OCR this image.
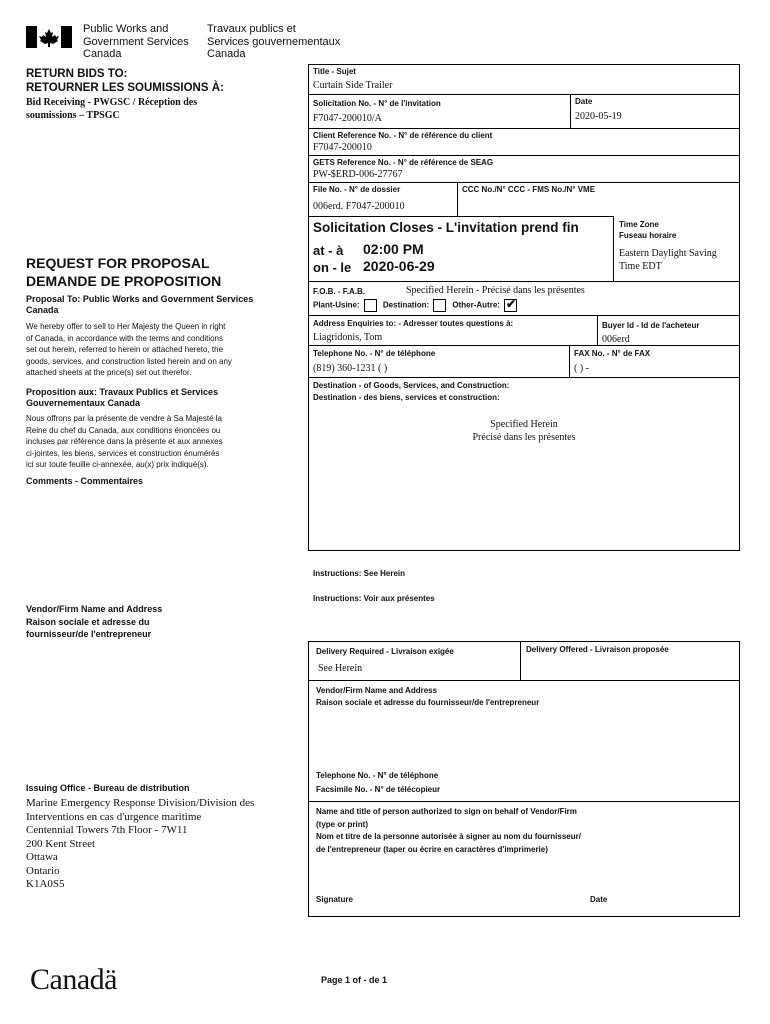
Public Works and
Government Services
Canada
Travaux publics et
Services gouvernementaux
Canada
RETURN BIDS TO:
RETOURNER LES SOUMISSIONS À:
Bid Receiving - PWGSC / Réception des
soumissions – TPSGC
REQUEST FOR PROPOSAL
DEMANDE DE PROPOSITION
Proposal To: Public Works and Government Services Canada
We hereby offer to sell to Her Majesty the Queen in right
of Canada, in accordance with the terms and conditions
set out herein, referred to herein or attached hereto, the
goods, services, and construction listed herein and on any
attached sheets at the price(s) set out therefor.
Proposition aux: Travaux Publics et Services Gouvernementaux Canada
Nous offrons par la présente de vendre à Sa Majesté la
Reine du chef du Canada, aux conditions énoncées ou
incluses par référence dans la présente et aux annexes
ci-jointes, les biens, services et construction énumérés
ici sur toute feuille ci-annexée, au(x) prix indiqué(s).
Comments - Commentaires
Vendor/Firm Name and Address
Raison sociale et adresse du
fournisseur/de l'entrepreneur
Issuing Office - Bureau de distribution
Marine Emergency Response Division/Division des
Interventions en cas d'urgence maritime
Centennial Towers 7th Floor - 7W11
200 Kent Street
Ottawa
Ontario
K1A0S5
Title - Sujet
Curtain Side Trailer
Solicitation No. - N° de l'invitation
F7047-200010/A
Date
2020-05-19
Client Reference No. - N° de référence du client
F7047-200010
GETS Reference No. - N° de référence de SEAG
PW-$ERD-006-27767
File No. - N° de dossier
006erd. F7047-200010
CCC No./N° CCC - FMS No./N° VME
Solicitation Closes - L'invitation prend fin
at - à 02:00 PM
on - le 2020-06-29
Time Zone
Fuseau horaire
Eastern Daylight Saving
Time EDT
F.O.B. - F.A.B.	Specified Herein - Précisé dans les présentes
Plant-Usine:	Destination:	Other-Autre:✔
Address Enquiries to: - Adresser toutes questions à:
Liagridonis, Tom
Buyer Id - Id de l'acheteur
006erd
Telephone No. - N° de téléphone
(819) 360-1231 ( )
FAX No. - N° de FAX
( ) -
Destination - of Goods, Services, and Construction:
Destination - des biens, services et construction:
Specified Herein
Précisé dans les présentes
Instructions: See Herein
Instructions: Voir aux présentes
Delivery Required - Livraison exigée
See Herein
Delivery Offered - Livraison proposée
Vendor/Firm Name and Address
Raison sociale et adresse du fournisseur/de l'entrepreneur
Telephone No. - N° de téléphone
Facsimile No. - N° de télécopieur
Name and title of person authorized to sign on behalf of Vendor/Firm
(type or print)
Nom et titre de la personne autorisée à signer au nom du fournisseur/
de l'entrepreneur (taper ou écrire en caractères d'imprimerie)
Signature	Date
Canadä	Page 1 of - de 1
